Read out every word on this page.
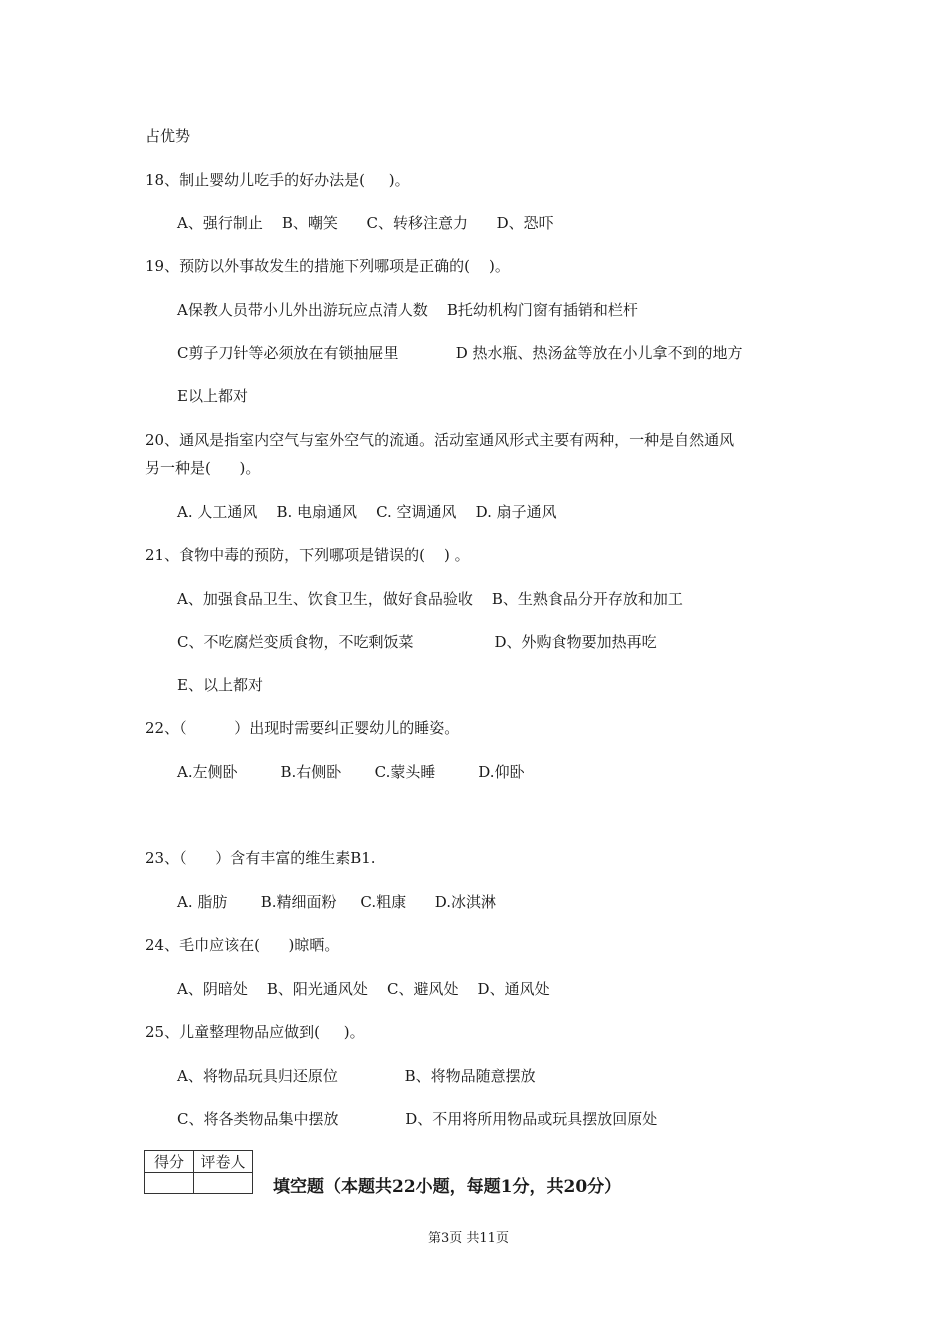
占优势
18、制止婴幼儿吃手的好办法是(     )。
A、强行制止    B、嘲笑      C、转移注意力      D、恐吓
19、预防以外事故发生的措施下列哪项是正确的(    )。
A保教人员带小儿外出游玩应点清人数    B托幼机构门窗有插销和栏杆
C剪子刀针等必须放在有锁抽屉里            D 热水瓶、热汤盆等放在小儿拿不到的地方
E以上都对
20、通风是指室内空气与室外空气的流通。活动室通风形式主要有两种，一种是自然通风
另一种是(      )。
A. 人工通风    B. 电扇通风    C. 空调通风    D. 扇子通风
21、食物中毒的预防，下列哪项是错误的(    ) 。
A、加强食品卫生、饮食卫生，做好食品验收    B、生熟食品分开存放和加工
C、不吃腐烂变质食物，不吃剩饭菜                 D、外购食物要加热再吃
E、以上都对
22、（          ）出现时需要纠正婴幼儿的睡姿。
A.左侧卧         B.右侧卧       C.蒙头睡         D.仰卧
23、（      ）含有丰富的维生素B1.
A. 脂肪       B.精细面粉     C.粗康      D.冰淇淋
24、毛巾应该在(      )晾晒。
A、阴暗处    B、阳光通风处    C、避风处    D、通风处
25、儿童整理物品应做到(     )。
A、将物品玩具归还原位              B、将物品随意摆放
C、将各类物品集中摆放              D、不用将所用物品或玩具摆放回原处
得分	评卷人

填空题（本题共22小题，每题1分，共20分）
第3页 共11页
